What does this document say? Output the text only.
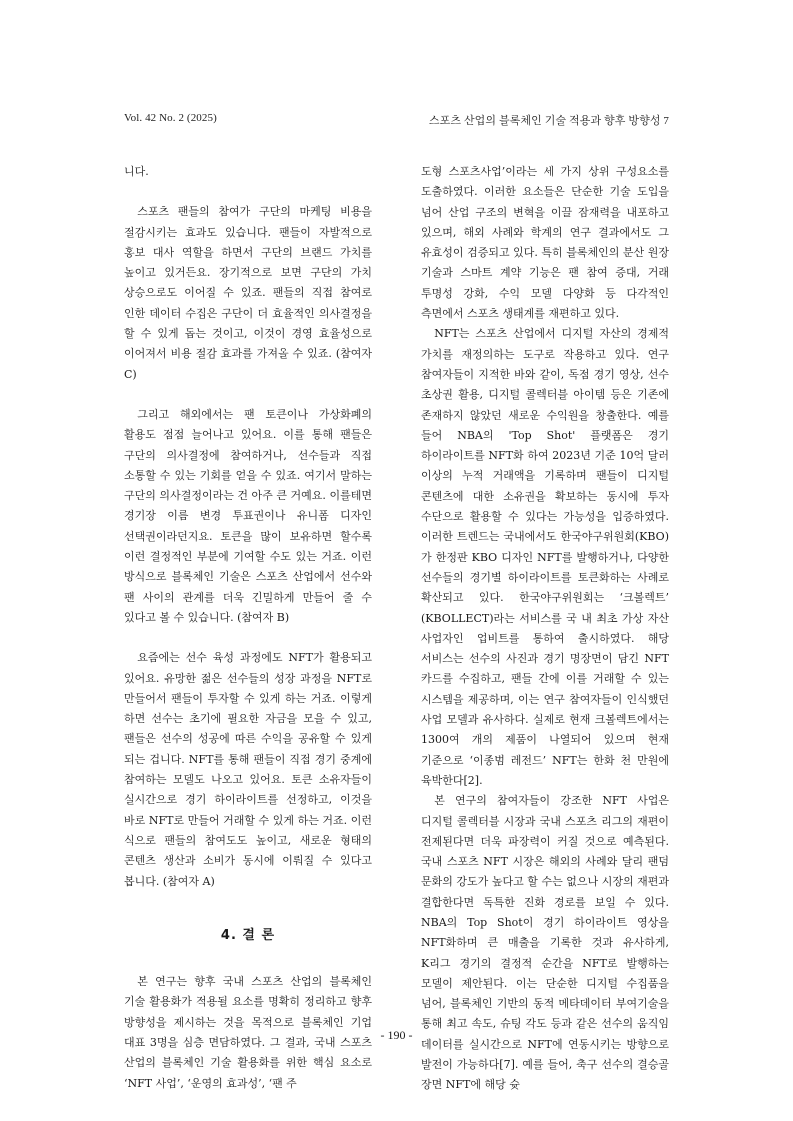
Vol. 42 No. 2 (2025)	스포츠 산업의 블록체인 기술 적용과 향후 방향성 7

니다.

스포츠 팬들의 참여가 구단의 마케팅 비용을 절감시키는 효과도 있습니다. 팬들이 자발적으로 홍보 대사 역할을 하면서 구단의 브랜드 가치를 높이고 있거든요. 장기적으로 보면 구단의 가치 상승으로도 이어질 수 있죠. 팬들의 직접 참여로 인한 데이터 수집은 구단이 더 효율적인 의사결정을 할 수 있게 돕는 것이고, 이것이 경영 효율성으로 이어져서 비용 절감 효과를 가져올 수 있죠. (참여자 C)

그리고 해외에서는 팬 토큰이나 가상화폐의 활용도 점점 늘어나고 있어요. 이를 통해 팬들은 구단의 의사결정에 참여하거나, 선수들과 직접 소통할 수 있는 기회를 얻을 수 있죠. 여기서 말하는 구단의 의사결정이라는 건 아주 큰 거예요. 이를테면 경기장 이름 변경 투표권이나 유니폼 디자인 선택권이라던지요. 토큰을 많이 보유하면 할수록 이런 결정적인 부분에 기여할 수도 있는 거죠. 이런 방식으로 블록체인 기술은 스포츠 산업에서 선수와 팬 사이의 관계를 더욱 긴밀하게 만들어 줄 수 있다고 볼 수 있습니다. (참여자 B)

요즘에는 선수 육성 과정에도 NFT가 활용되고 있어요. 유망한 젊은 선수들의 성장 과정을 NFT로 만들어서 팬들이 투자할 수 있게 하는 거죠. 이렇게 하면 선수는 초기에 필요한 자금을 모을 수 있고, 팬들은 선수의 성공에 따른 수익을 공유할 수 있게 되는 겁니다. NFT를 통해 팬들이 직접 경기 중계에 참여하는 모델도 나오고 있어요. 토큰 소유자들이 실시간으로 경기 하이라이트를 선정하고, 이것을 바로 NFT로 만들어 거래할 수 있게 하는 거죠. 이런 식으로 팬들의 참여도도 높이고, 새로운 형태의 콘텐츠 생산과 소비가 동시에 이뤄질 수 있다고 봅니다. (참여자 A)

4. 결 론

본 연구는 향후 국내 스포츠 산업의 블록체인 기술 활용화가 적용될 요소를 명확히 정리하고 향후 방향성을 제시하는 것을 목적으로 블록체인 기업 대표 3명을 심층 면담하였다. 그 결과, 국내 스포츠 산업의 블록체인 기술 활용화를 위한 핵심 요소로 ‘NFT 사업’, ‘운영의 효과성’, ‘팬 주

도형 스포츠사업’이라는 세 가지 상위 구성요소를 도출하였다. 이러한 요소들은 단순한 기술 도입을 넘어 산업 구조의 변혁을 이끌 잠재력을 내포하고 있으며, 해외 사례와 학계의 연구 결과에서도 그 유효성이 검증되고 있다. 특히 블록체인의 분산 원장 기술과 스마트 계약 기능은 팬 참여 증대, 거래 투명성 강화, 수익 모델 다양화 등 다각적인 측면에서 스포츠 생태계를 재편하고 있다.

NFT는 스포츠 산업에서 디지털 자산의 경제적 가치를 재정의하는 도구로 작용하고 있다. 연구 참여자들이 지적한 바와 같이, 독점 경기 영상, 선수 초상권 활용, 디지털 콜렉터블 아이템 등은 기존에 존재하지 않았던 새로운 수익원을 창출한다. 예를 들어 NBA의 'Top Shot' 플랫폼은 경기 하이라이트를 NFT화 하여 2023년 기준 10억 달러 이상의 누적 거래액을 기록하며 팬들이 디지털 콘텐츠에 대한 소유권을 확보하는 동시에 투자 수단으로 활용할 수 있다는 가능성을 입증하였다. 이러한 트렌드는 국내에서도 한국야구위원회(KBO)가 한정판 KBO 디자인 NFT를 발행하거나, 다양한 선수들의 경기별 하이라이트를 토큰화하는 사례로 확산되고 있다. 한국야구위원회는 ‘크볼렉트’ (KBOLLECT)라는 서비스를 국 내 최초 가상 자산 사업자인 업비트를 통하여 출시하였다. 해당 서비스는 선수의 사진과 경기 명장면이 담긴 NFT 카드를 수집하고, 팬들 간에 이를 거래할 수 있는 시스템을 제공하며, 이는 연구 참여자들이 인식했던 사업 모델과 유사하다. 실제로 현재 크볼렉트에서는 1300여 개의 제품이 나열되어 있으며 현재 기준으로 ‘이종범 레전드’ NFT는 한화 천 만원에 육박한다[2].

본 연구의 참여자들이 강조한 NFT 사업은 디지털 콜렉터블 시장과 국내 스포츠 리그의 재편이 전제된다면 더욱 파장력이 커질 것으로 예측된다. 국내 스포츠 NFT 시장은 해외의 사례와 달리 팬덤 문화의 강도가 높다고 할 수는 없으나 시장의 재편과 결합한다면 독특한 진화 경로를 보일 수 있다. NBA의 Top Shot이 경기 하이라이트 영상을 NFT화하며 큰 매출을 기록한 것과 유사하게, K리그 경기의 결정적 순간을 NFT로 발행하는 모델이 제안된다. 이는 단순한 디지털 수집품을 넘어, 블록체인 기반의 동적 메타데이터 부여기술을 통해 최고 속도, 슈팅 각도 등과 같은 선수의 움직임 데이터를 실시간으로 NFT에 연동시키는 방향으로 발전이 가능하다[7]. 예를 들어, 축구 선수의 결승골 장면 NFT에 해당 슛

- 190 -
